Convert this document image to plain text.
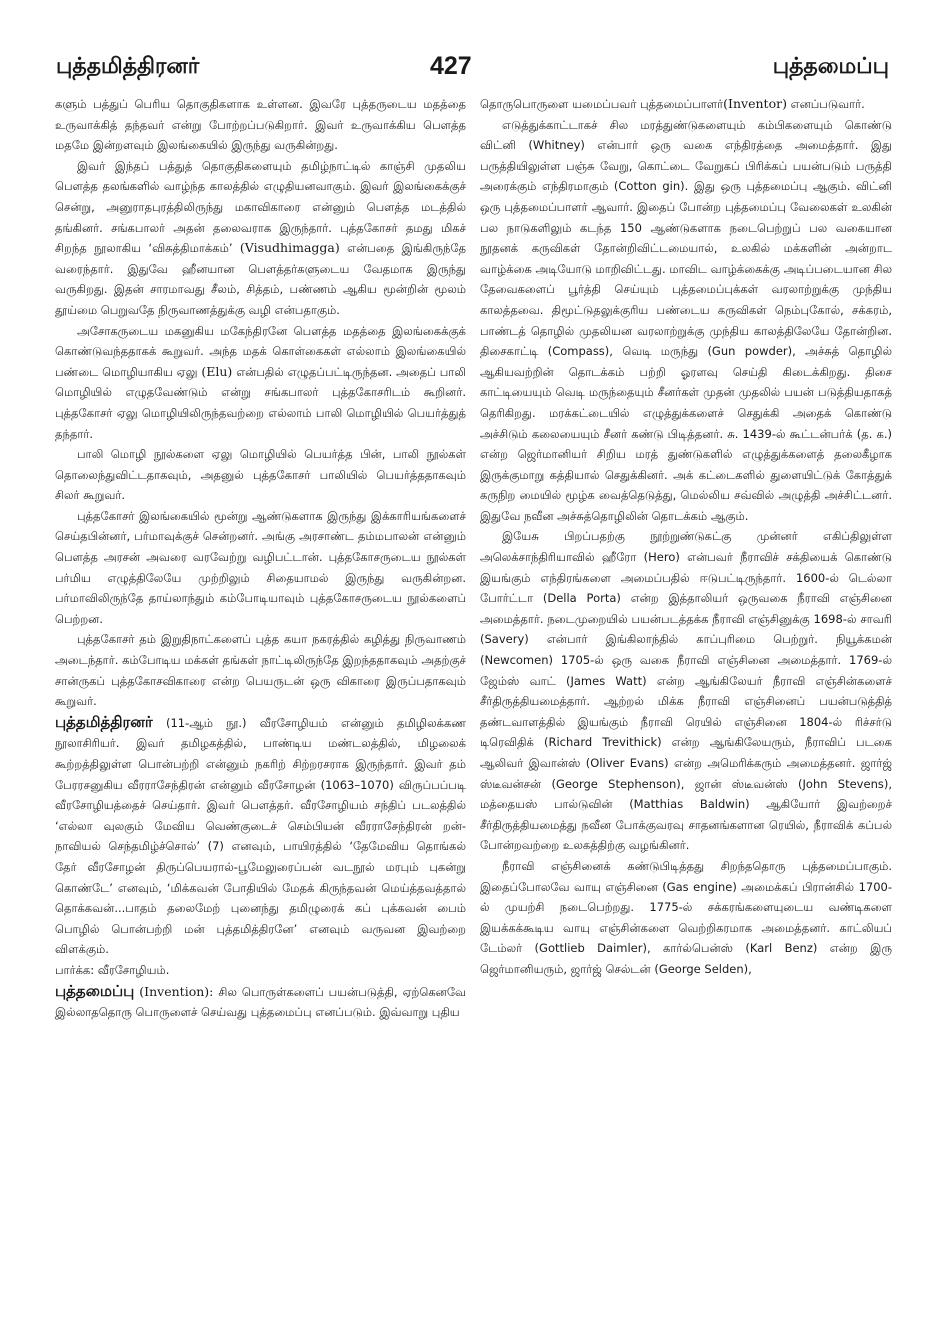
புத்தமித்திரனர்	427	புத்தமைப்பு

களும் பத்துப் பெரிய தொகுதிகளாக உள்ளன. இவரே புத்தருடைய மதத்தை உருவாக்கித் தந்தவர் என்று போற்றப்படுகிறார். இவர் உருவாக்கிய பௌத்த மதமே இன்றளவும் இலங்கையில் இருந்து வருகின்றது.

இவர் இந்தப் பத்துத் தொகுதிகளையும் தமிழ்நாட்டில் காஞ்சி முதலிய பௌத்த தலங்களில் வாழ்ந்த காலத்தில் எழுதியனவாகும். இவர் இலங்கைக்குச் சென்று, அனுராதபுரத்திலிருந்து மகாவிகாரை என்னும் பௌத்த மடத்தில் தங்கினர். சங்கபாலர் அதன் தலைவராக இருந்தார். புத்தகோசர் தமது மிகச் சிறந்த நூலாகிய ‘விசுத்திமாக்கம்’ (Visudhimagga) என்பதை இங்கிருந்தே வரைந்தார். இதுவே ஹீனயான பௌத்தர்களுடைய வேதமாக இருந்து வருகிறது. இதன் சாரமாவது சீலம், சித்தம், பண்ணம் ஆகிய மூன்றின் மூலம் தூய்மை பெறுவதே நிருவாணத்துக்கு வழி என்பதாகும்.

அசோகருடைய மகனுகிய மகேந்திரனே பௌத்த மதத்தை இலங்கைக்குக் கொண்டுவந்ததாகக் கூறுவர். அந்த மதக் கொள்கைகள் எல்லாம் இலங்கையில் பண்டை மொழியாகிய ஏலு (Elu) என்பதில் எழுதப்பட்டிருந்தன. அதைப் பாலி மொழியில் எழுதவேண்டும் என்று சங்கபாலர் புத்தகோசரிடம் கூறினர். புத்தகோசர் ஏலு மொழியிலிருந்தவற்றை எல்லாம் பாலி மொழியில் பெயர்த்துத் தந்தார்.

பாலி மொழி நூல்களை ஏலு மொழியில் பெயர்த்த பின், பாலி நூல்கள் தொலைந்துவிட்டதாகவும், அதனுல் புத்தகோசர் பாலியில் பெயர்த்ததாகவும் சிலர் கூறுவர்.

புத்தகோசர் இலங்கையில் மூன்று ஆண்டுகளாக இருந்து இக்காரியங்களைச் செய்தபின்னர், பர்மாவுக்குச் சென்றனர். அங்கு அரசாண்ட தம்மபாலன் என்னும் பௌத்த அரசன் அவரை வரவேற்று வழிபட்டான். புத்தகோசருடைய நூல்கள் பர்மிய எழுத்திலேயே முற்றிலும் சிதையாமல் இருந்து வருகின்றன. பர்மாவிலிருந்தே தாய்லாந்தும் கம்போடியாவும் புத்தகோசருடைய நூல்களைப் பெற்றன.

புத்தகோசர் தம் இறுதிநாட்களைப் புத்த கயா நகரத்தில் கழித்து நிருவாணம் அடைந்தார். கம்போடிய மக்கள் தங்கள் நாட்டிலிருந்தே இறந்ததாகவும் அதற்குச் சான்ருகப் புத்தகோசவிகாரை என்ற பெயருடன் ஒரு விகாரை இருப்பதாகவும் கூறுவர்.

புத்தமித்திரனர் (11-ஆம் நூ.) வீரசோழியம் என்னும் தமிழிலக்கண நூலாசிரியர். இவர் தமிழகத்தில், பாண்டிய மண்டலத்தில், மிழலைக் கூற்றத்திலுள்ள பொன்பற்றி என்னும் நகரிற் சிற்றரசராக இருந்தார். இவர் தம் பேரரசனுகிய வீரராசேந்திரன் என்னும் வீரசோழன் (1063–1070) விருப்பப்படி வீரசோழியத்தைச் செய்தார். இவர் பௌத்தர். வீரசோழியம் சந்திப் படலத்தில் ‘எல்லா வுலகும் மேவிய வெண்குடைச் செம்பியன் வீரராசேந்திரன் றன்-நாவியல் செந்தமிழ்ச்சொல்’ (7) எனவும், பாயிரத்தில் ‘தேமேவிய தொங்கல் தேர் வீரசோழன் திருப்பெயரால்-பூமேலுரைப்பன் வடநூல் மரபும் புகன்று கொண்டே’ எனவும், ‘மிக்கவன் போதியில் மேதக் கிருந்தவன் மெய்த்தவத்தால் தொக்கவன்...பாதம் தலைமேற் புனைந்து தமிழுரைக் கப் புக்கவன் பைம் பொழில் பொன்பற்றி மன் புத்தமித்திரனே’ எனவும் வருவன இவற்றை விளக்கும்.

பார்க்க: வீரசோழியம்.

புத்தமைப்பு (Invention): சில பொருள்களைப் பயன்படுத்தி, ஏற்கெனவே இல்லாததொரு பொருளைச் செய்வது புத்தமைப்பு எனப்படும். இவ்வாறு புதிய

தொருபொருளை யமைப்பவர் புத்தமைப்பாளர்(Inventor) எனப்படுவார்.

எடுத்துக்காட்டாகச் சில மரத்துண்டுகளையும் கம்பிகளையும் கொண்டு விட்னி (Whitney) என்பார் ஒரு வகை எந்திரத்தை அமைத்தார். இது பருத்தியிலுள்ள பஞ்சு வேறு, கொட்டை வேறுகப் பிரிக்கப் பயன்படும் பருத்தி அரைக்கும் எந்திரமாகும் (Cotton gin). இது ஒரு புத்தமைப்பு ஆகும். விட்னி ஒரு புத்தமைப்பாளர் ஆவார். இதைப் போன்ற புத்தமைப்பு வேலைகள் உலகின் பல நாடுகளிலும் கடந்த 150 ஆண்டுகளாக நடைபெற்றுப் பல வகையான நூதனக் கருவிகள் தோன்றிவிட்டமையால், உலகில் மக்களின் அன்றாட வாழ்க்கை அடியோடு மாறிவிட்டது. மாவிட வாழ்க்கைக்கு அடிப்படையான சில தேவைகளைப் பூர்த்தி செய்யும் புத்தமைப்புக்கள் வரலாற்றுக்கு முந்திய காலத்தவை. திமூட்டுதலுக்குரிய பண்டைய கருவிகள் நெம்புகோல், சக்கரம், பாண்டத் தொழில் முதலியன வரலாற்றுக்கு முந்திய காலத்திலேயே தோன்றின. திசைகாட்டி (Compass), வெடி மருந்து (Gun powder), அச்சுத் தொழில் ஆகியவற்றின் தொடக்கம் பற்றி ஓரளவு செய்தி கிடைக்கிறது. திசை காட்டியையும் வெடி மருந்தையும் சீனர்கள் முதன் முதலில் பயன் படுத்தியதாகத் தெரிகிறது. மரக்கட்டையில் எழுத்துக்களைச் செதுக்கி அதைக் கொண்டு அச்சிடும் கலையையும் சீனர் கண்டு பிடித்தனர். சு. 1439-ல் கூட்டன்பர்க் (த. க.) என்ற ஜெர்மானியர் சிறிய மரத் துண்டுகளில் எழுத்துக்களைத் தலைகீழாக இருக்குமாறு கத்தியால் செதுக்கினர். அக் கட்டைகளில் துளையிட்டுக் கோத்துக் கருநிற மையில் மூழ்க வைத்தெடுத்து, மெல்லிய சவ்வில் அழுத்தி அச்சிட்டனர். இதுவே நவீன அச்சுத்தொழிலின் தொடக்கம் ஆகும்.

இயேசு பிறப்பதற்கு நூற்றுண்டுகட்கு முன்னர் எகிப்திலுள்ள அலெக்சாந்திரியாவில் ஹீரோ (Hero) என்பவர் நீராவிச் சக்தியைக் கொண்டு இயங்கும் எந்திரங்களை அமைப்பதில் ஈடுபட்டிருந்தார். 1600-ல் டெல்லா போர்ட்டா (Della Porta) என்ற இத்தாலியர் ஒருவகை நீராவி எஞ்சினை அமைத்தார். நடைமுறையில் பயன்படத்தக்க நீராவி எஞ்சினுக்கு 1698-ல் சாவரி (Savery) என்பார் இங்கிலாந்தில் காப்புரிமை பெற்றுர். நியூக்கமன் (Newcomen) 1705-ல் ஒரு வகை நீராவி எஞ்சினை அமைத்தார். 1769-ல் ஜேம்ஸ் வாட் (James Watt) என்ற ஆங்கிலேயர் நீராவி எஞ்சின்களைச் சீர்திருத்தியமைத்தார். ஆற்றல் மிக்க நீராவி எஞ்சினைப் பயன்படுத்தித் தண்டவாளத்தில் இயங்கும் நீராவி ரெயில் எஞ்சினை 1804-ல் ரிச்சர்டு டிரெவிதிக் (Richard Trevithick) என்ற ஆங்கிலேயரும், நீராவிப் படகை ஆலிவர் இவான்ஸ் (Oliver Evans) என்ற அமெரிக்கரும் அமைத்தனர். ஜார்ஜ் ஸ்டீவன்சன் (George Stephenson), ஜான் ஸ்டீவன்ஸ் (John Stevens), மத்தையஸ் பால்டுவின் (Matthias Baldwin) ஆகியோர் இவற்றைச் சீர்திருத்தியமைத்து நவீன போக்குவரவு சாதனங்களான ரெயில், நீராவிக் கப்பல் போன்றவற்றை உலகத்திற்கு வழங்கினர்.

நீராவி எஞ்சினைக் கண்டுபிடித்தது சிறந்ததொரு புத்தமைப்பாகும். இதைப்போலவே வாயு எஞ்சினை (Gas engine) அமைக்கப் பிரான்சில் 1700-ல் முயற்சி நடைபெற்றது. 1775-ல் சக்கரங்களையுடைய வண்டிகளை இயக்கக்கூடிய வாயு எஞ்சின்களை வெற்றிகரமாக அமைத்தனர். காட்லியப் டேம்லர் (Gottlieb Daimler), கார்ல்பென்ஸ் (Karl Benz) என்ற இரு ஜெர்மானியரும், ஜார்ஜ் செல்டன் (George Selden),
